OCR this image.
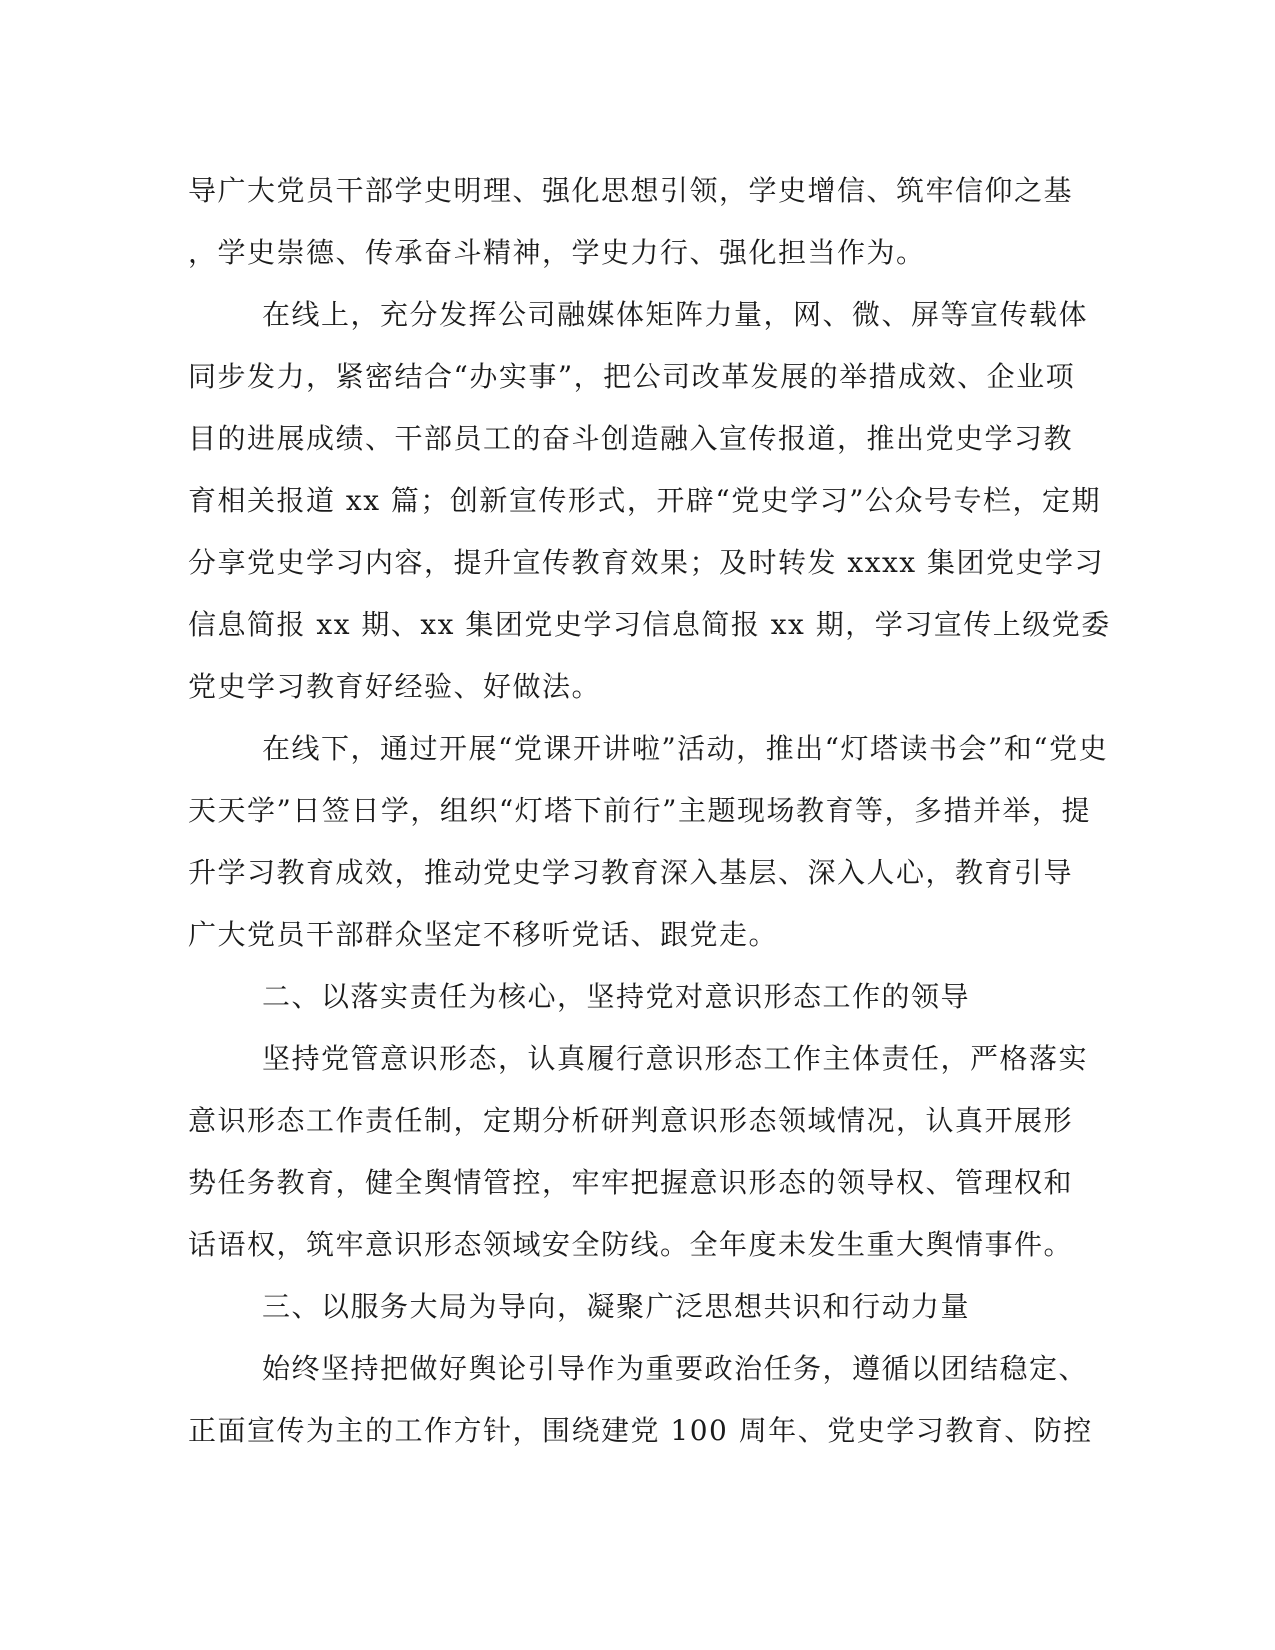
导广大党员干部学史明理、强化思想引领，学史增信、筑牢信仰之基
，学史崇德、传承奋斗精神，学史力行、强化担当作为。
在线上，充分发挥公司融媒体矩阵力量，网、微、屏等宣传载体
同步发力，紧密结合“办实事”，把公司改革发展的举措成效、企业项
目的进展成绩、干部员工的奋斗创造融入宣传报道，推出党史学习教
育相关报道 xx 篇；创新宣传形式，开辟“党史学习”公众号专栏，定期
分享党史学习内容，提升宣传教育效果；及时转发 xxxx 集团党史学习
信息简报 xx 期、xx 集团党史学习信息简报 xx 期，学习宣传上级党委
党史学习教育好经验、好做法。
在线下，通过开展“党课开讲啦”活动，推出“灯塔读书会”和“党史
天天学”日签日学，组织“灯塔下前行”主题现场教育等，多措并举，提
升学习教育成效，推动党史学习教育深入基层、深入人心，教育引导
广大党员干部群众坚定不移听党话、跟党走。
二、以落实责任为核心，坚持党对意识形态工作的领导
坚持党管意识形态，认真履行意识形态工作主体责任，严格落实
意识形态工作责任制，定期分析研判意识形态领域情况，认真开展形
势任务教育，健全舆情管控，牢牢把握意识形态的领导权、管理权和
话语权，筑牢意识形态领域安全防线。全年度未发生重大舆情事件。
三、以服务大局为导向，凝聚广泛思想共识和行动力量
始终坚持把做好舆论引导作为重要政治任务，遵循以团结稳定、
正面宣传为主的工作方针，围绕建党 100 周年、党史学习教育、防控
